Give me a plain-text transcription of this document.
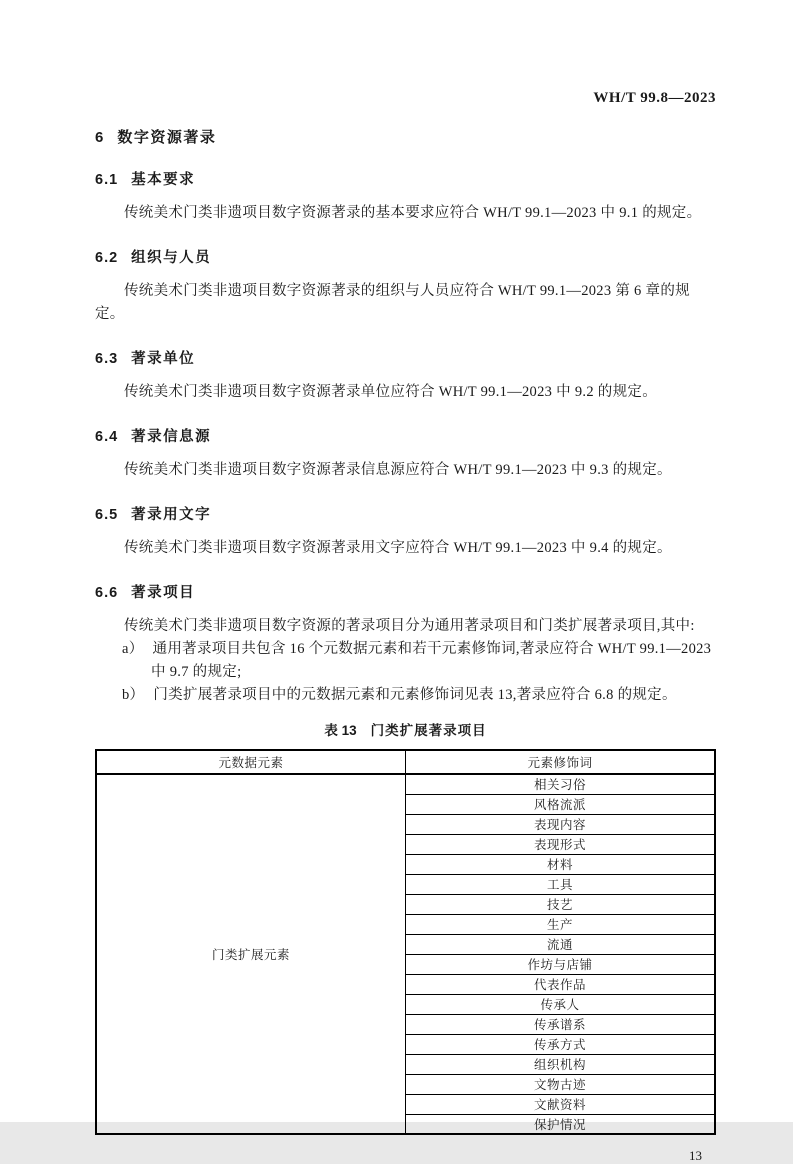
WH/T 99.8—2023
6 数字资源著录
6.1 基本要求

传统美术门类非遗项目数字资源著录的基本要求应符合 WH/T 99.1—2023 中 9.1 的规定。

6.2 组织与人员

传统美术门类非遗项目数字资源著录的组织与人员应符合 WH/T 99.1—2023 第 6 章的规定。

6.3 著录单位

传统美术门类非遗项目数字资源著录单位应符合 WH/T 99.1—2023 中 9.2 的规定。

6.4 著录信息源

传统美术门类非遗项目数字资源著录信息源应符合 WH/T 99.1—2023 中 9.3 的规定。

6.5 著录用文字

传统美术门类非遗项目数字资源著录用文字应符合 WH/T 99.1—2023 中 9.4 的规定。

6.6 著录项目

传统美术门类非遗项目数字资源的著录项目分为通用著录项目和门类扩展著录项目,其中:

a） 通用著录项目共包含 16 个元数据元素和若干元素修饰词,著录应符合 WH/T 99.1—2023 中 9.7 的规定;
b） 门类扩展著录项目中的元数据元素和元素修饰词见表 13,著录应符合 6.8 的规定。
表 13 门类扩展著录项目
元数据元素	元素修饰词
门类扩展元素	相关习俗
	风格流派
	表现内容
	表现形式
	材料
	工具
	技艺
	生产
	流通
	作坊与店铺
	代表作品
	传承人
	传承谱系
	传承方式
	组织机构
	文物古迹
	文献资料
	保护情况
13
